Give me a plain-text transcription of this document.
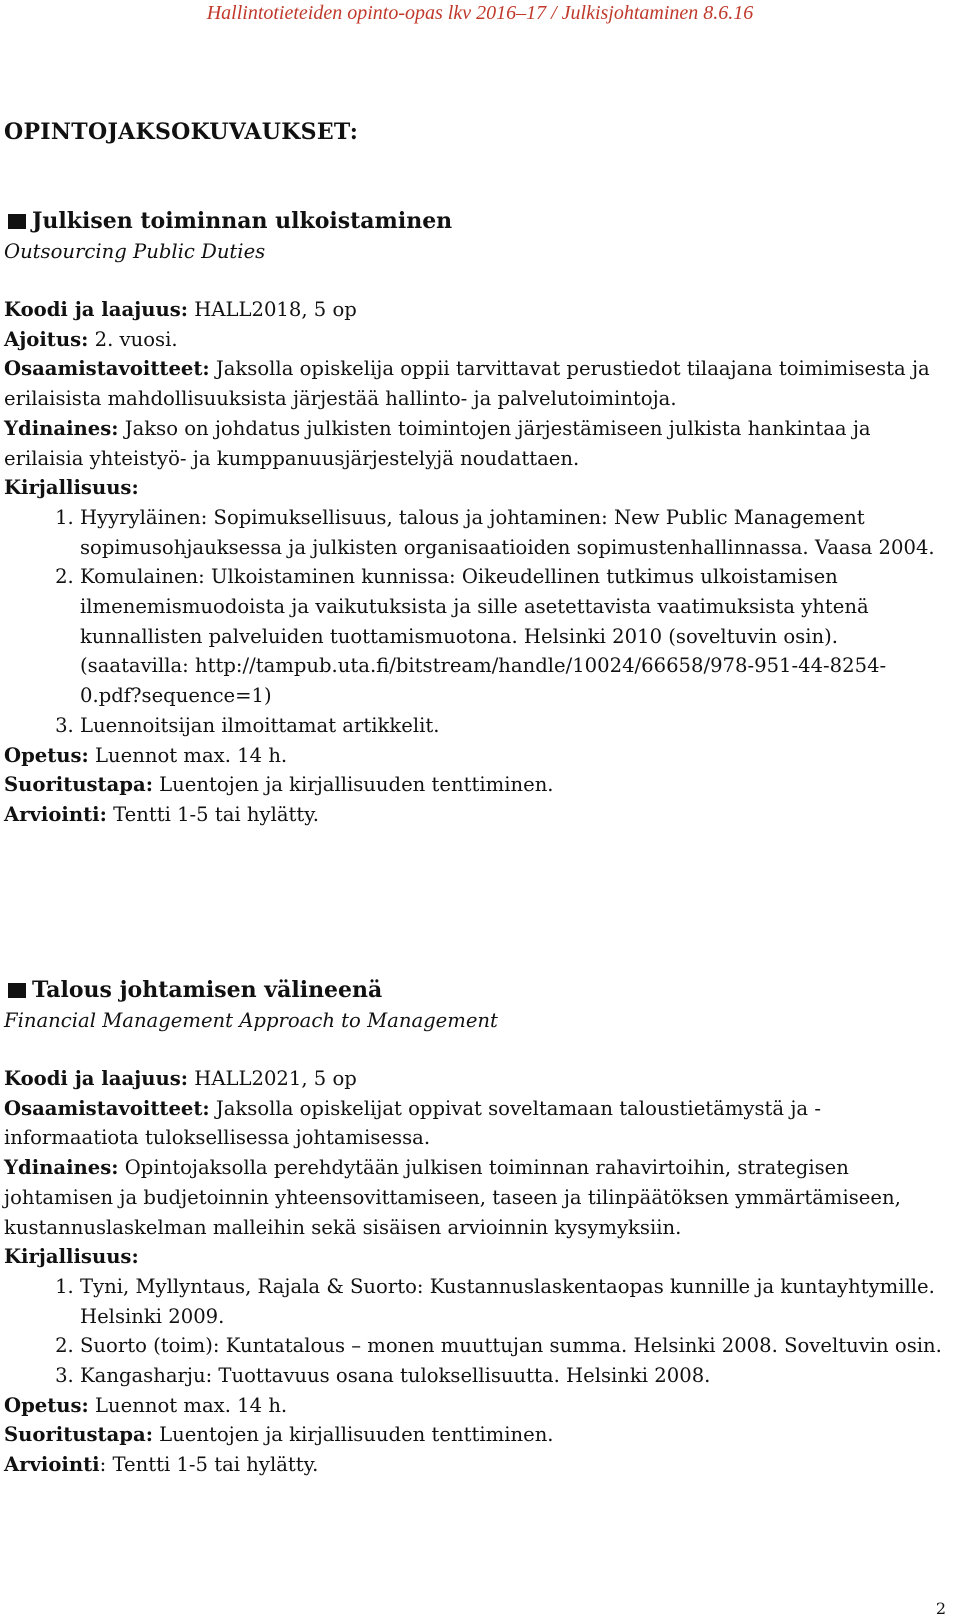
Hallintotieteiden opinto-opas lkv 2016–17 / Julkisjohtaminen 8.6.16
OPINTOJAKSOKUVAUKSET:
Julkisen toiminnan ulkoistaminen
Outsourcing Public Duties

Koodi ja laajuus: HALL2018, 5 op

Ajoitus: 2. vuosi.

Osaamistavoitteet: Jaksolla opiskelija oppii tarvittavat perustiedot tilaajana toimimisesta ja erilaisista mahdollisuuksista järjestää hallinto- ja palvelutoimintoja.

Ydinaines: Jakso on johdatus julkisten toimintojen järjestämiseen julkista hankintaa ja erilaisia yhteistyö- ja kumppanuusjärjestelyjä noudattaen.

Kirjallisuus:

1. Hyyryläinen: Sopimuksellisuus, talous ja johtaminen: New Public Management sopimusohjauksessa ja julkisten organisaatioiden sopimustenhallinnassa. Vaasa 2004.
2. Komulainen: Ulkoistaminen kunnissa: Oikeudellinen tutkimus ulkoistamisen ilmenemismuodoista ja vaikutuksista ja sille asetettavista vaatimuksista yhtenä kunnallisten palveluiden tuottamismuotona. Helsinki 2010 (soveltuvin osin). (saatavilla: http://tampub.uta.fi/bitstream/handle/10024/66658/978-951-44-8254-0.pdf?sequence=1)
3. Luennoitsijan ilmoittamat artikkelit.

Opetus: Luennot max. 14 h.

Suoritustapa: Luentojen ja kirjallisuuden tenttiminen.

Arviointi: Tentti 1-5 tai hylätty.

Talous johtamisen välineenä
Financial Management Approach to Management

Koodi ja laajuus: HALL2021, 5 op

Osaamistavoitteet: Jaksolla opiskelijat oppivat soveltamaan taloustietämystä ja -informaatiota tuloksellisessa johtamisessa.

Ydinaines: Opintojaksolla perehdytään julkisen toiminnan rahavirtoihin, strategisen johtamisen ja budjetoinnin yhteensovittamiseen, taseen ja tilinpäätöksen ymmärtämiseen, kustannuslaskelman malleihin sekä sisäisen arvioinnin kysymyksiin.

Kirjallisuus:

1. Tyni, Myllyntaus, Rajala & Suorto: Kustannuslaskentaopas kunnille ja kuntayhtymille. Helsinki 2009.
2. Suorto (toim): Kuntatalous – monen muuttujan summa. Helsinki 2008. Soveltuvin osin.
3. Kangasharju: Tuottavuus osana tuloksellisuutta. Helsinki 2008.

Opetus: Luennot max. 14 h.

Suoritustapa: Luentojen ja kirjallisuuden tenttiminen.

Arviointi: Tentti 1-5 tai hylätty.

2
